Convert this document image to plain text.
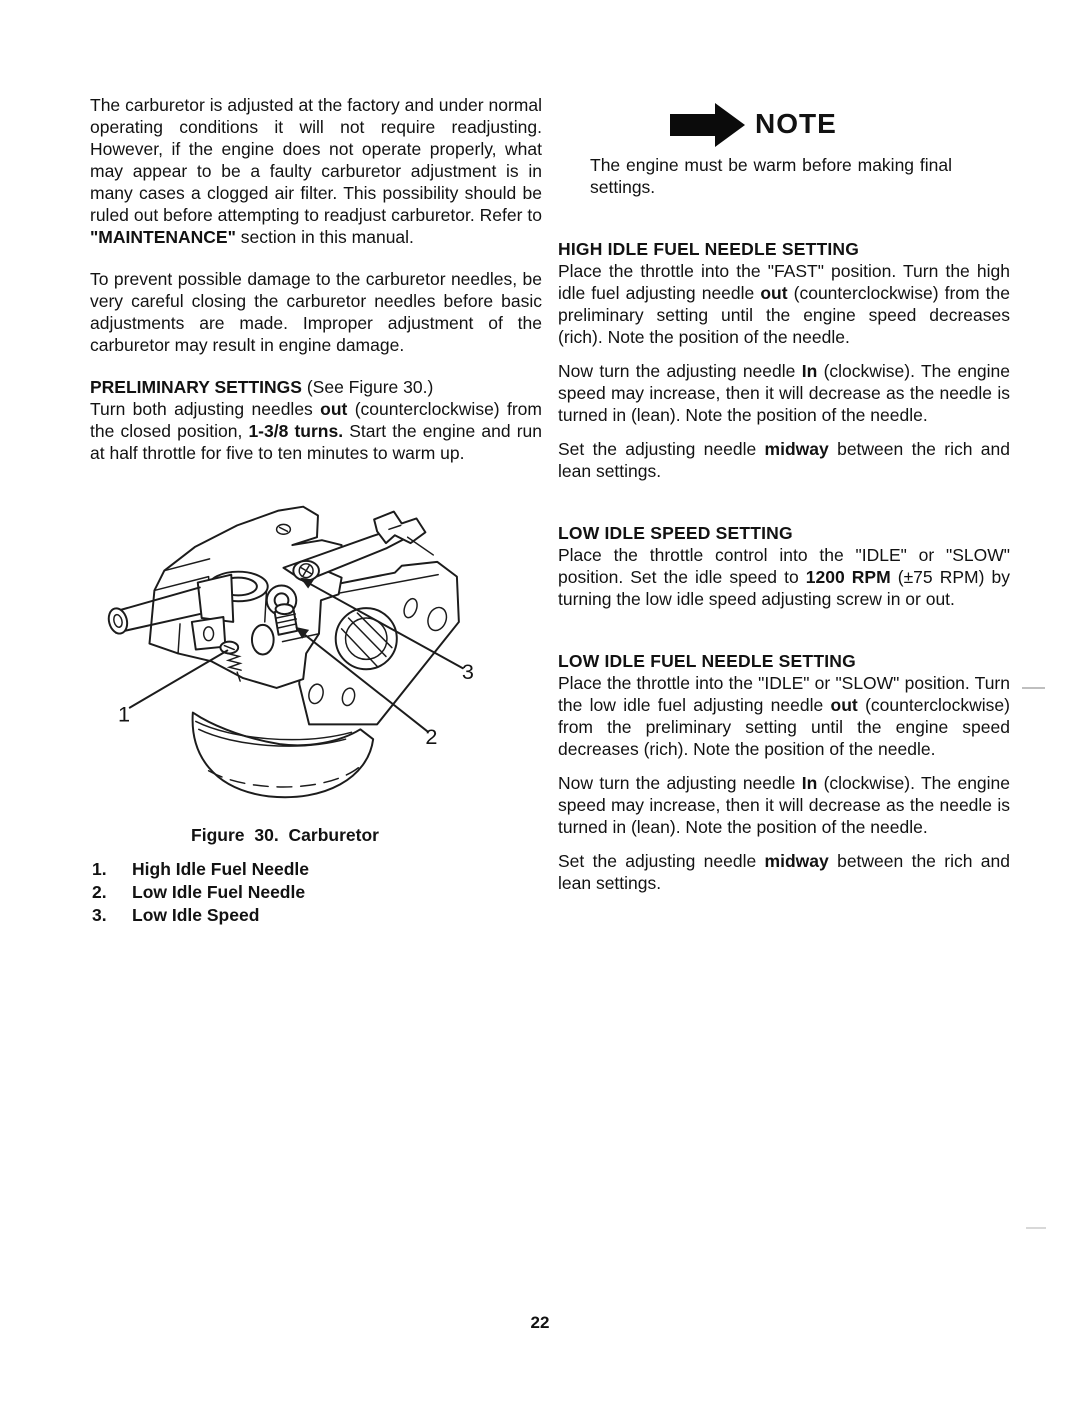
The carburetor is adjusted at the factory and under normal operating conditions it will not require readjusting. However, if the engine does not operate properly, what may appear to be a faulty carburetor adjustment is in many cases a clogged air filter. This possibility should be ruled out before attempting to readjust carburetor. Refer to "MAINTENANCE" section in this manual.

To prevent possible damage to the carburetor needles, be very careful closing the carburetor needles before basic adjustments are made. Improper adjustment of the carburetor may result in engine damage.

PRELIMINARY SETTINGS (See Figure 30.)

Turn both adjusting needles out (counterclockwise) from the closed position, 1-3/8 turns. Start the engine and run at half throttle for five to ten minutes to warm up.

1
2
3
Figure 30. Carburetor
1.	High Idle Fuel Needle
2.	Low Idle Fuel Needle
3.	Low Idle Speed
NOTE

The engine must be warm before making final settings.

HIGH IDLE FUEL NEEDLE SETTING

Place the throttle into the "FAST" position. Turn the high idle fuel adjusting needle out (counterclockwise) from the preliminary setting until the engine speed decreases (rich). Note the position of the needle.

Now turn the adjusting needle In (clockwise). The engine speed may increase, then it will decrease as the needle is turned in (lean). Note the position of the needle.

Set the adjusting needle midway between the rich and lean settings.

LOW IDLE SPEED SETTING

Place the throttle control into the "IDLE" or "SLOW" position. Set the idle speed to 1200 RPM (±75 RPM) by turning the low idle speed adjusting screw in or out.

LOW IDLE FUEL NEEDLE SETTING

Place the throttle into the "IDLE" or "SLOW" position. Turn the low idle fuel adjusting needle out (counterclockwise) from the preliminary setting until the engine speed decreases (rich). Note the position of the needle.

Now turn the adjusting needle In (clockwise). The engine speed may increase, then it will decrease as the needle is turned in (lean). Note the position of the needle.

Set the adjusting needle midway between the rich and lean settings.

22
